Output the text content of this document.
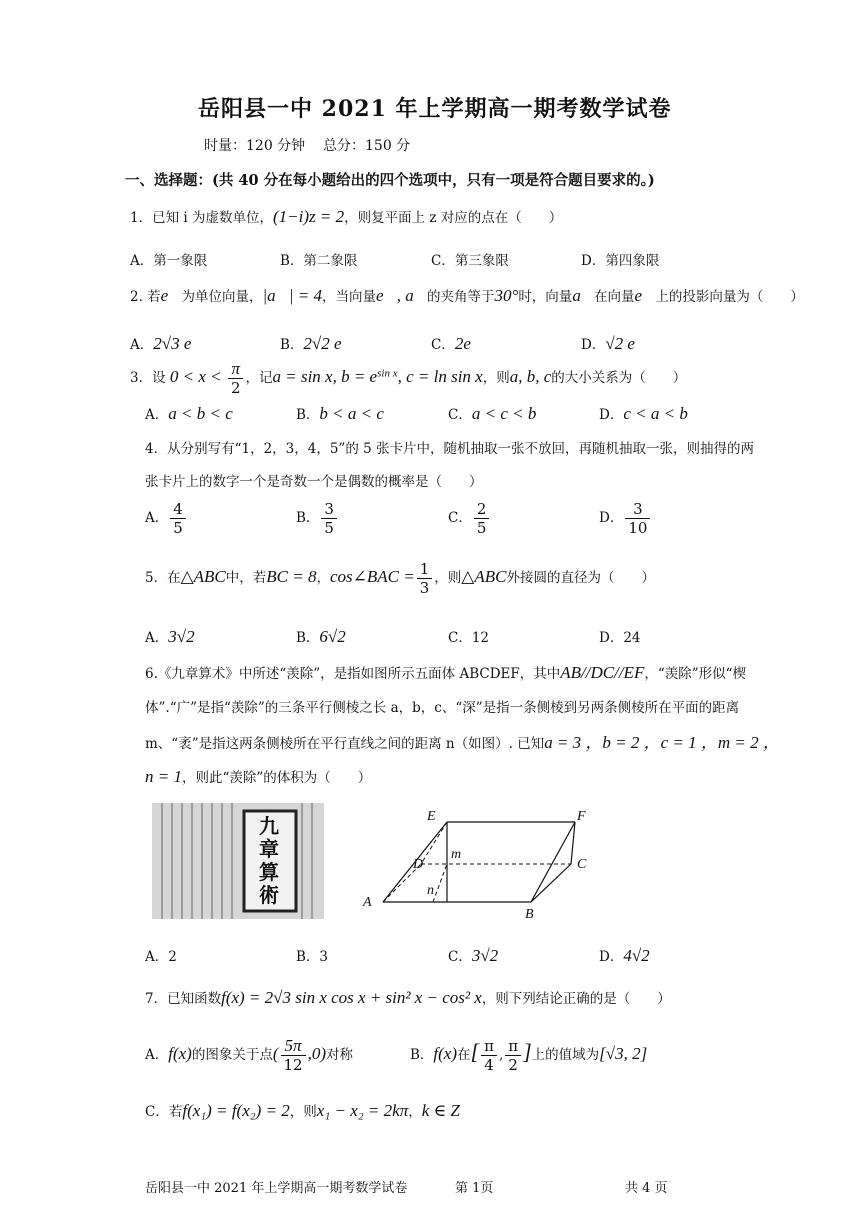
岳阳县一中 2021 年上学期高一期考数学试卷
时量：120 分钟 总分：150 分
一、选择题：(共 40 分在每小题给出的四个选项中，只有一项是符合题目要求的。)
1．已知 i 为虚数单位，(1−i)z = 2，则复平面上 z 对应的点在（　　）
A．第一象限	B．第二象限	C．第三象限	D．第四象限
2. 若e⃗为单位向量，|a⃗| = 4，当向量e⃗, a⃗的夹角等于30°时，向量a⃗在向量e⃗上的投影向量为（　　）
A．2√3 e⃗	B．2√2 e⃗	C．2e⃗	D．√2 e⃗
3．设 $0 < x < \frac{\pi}{2}$ ，记a = sin x, $b = e^{sin x}$, c = ln sin x，则a, b, c的大小关系为（　　）
A．a < b < c	B．b < a < c	C．a < c < b	D．c < a < b
4．从分别写有“1，2，3，4，5”的 5 张卡片中，随机抽取一张不放回，再随机抽取一张，则抽得的两
张卡片上的数字一个是奇数一个是偶数的概率是（　　）
A． $\frac{4}{5}$	B． $\frac{3}{5}$	C． $\frac{2}{5}$	D． $\frac{3}{10}$
5．在△ABC中，若BC = 8，cos∠BAC = $\frac{1}{3}$ ，则△ABC外接圆的直径为（　　）
A．3√2	B．6√2	C．12	D．24
6.《九章算术》中所述“羡除”，是指如图所示五面体 ABCDEF，其中AB//DC//EF，“羡除”形似“楔
体”.“广”是指“羡除”的三条平行侧棱之长 a，b，c、“深”是指一条侧棱到另两条侧棱所在平面的距离
m、“袤”是指这两条侧棱所在平行直线之间的距离 n（如图）. 已知a = 3 ，b = 2 ，c = 1 ，m = 2 ，
n = 1，则此“羡除”的体积为（　　）
九
章
算
術
E	F
D	C
A
B
m
n
A．2	B．3	C．3√2	D．4√2
7．已知函数f(x) = 2√3 sin x cos x + sin² x − cos² x，则下列结论正确的是（　　）
A．f(x)的图象关于点( $\frac{5\pi}{12} ,0$)对称	B．f(x)在[ $\frac{\pi}{4}$ , $\frac{\pi}{2}$ ]上的值域为[√3, 2]
C．若f(x₁) = f(x₂) = 2，则x₁ − x₂ = 2kπ，k ∈ Z
岳阳县一中 2021 年上学期高一期考数学试卷	第 1页	共 4 页
